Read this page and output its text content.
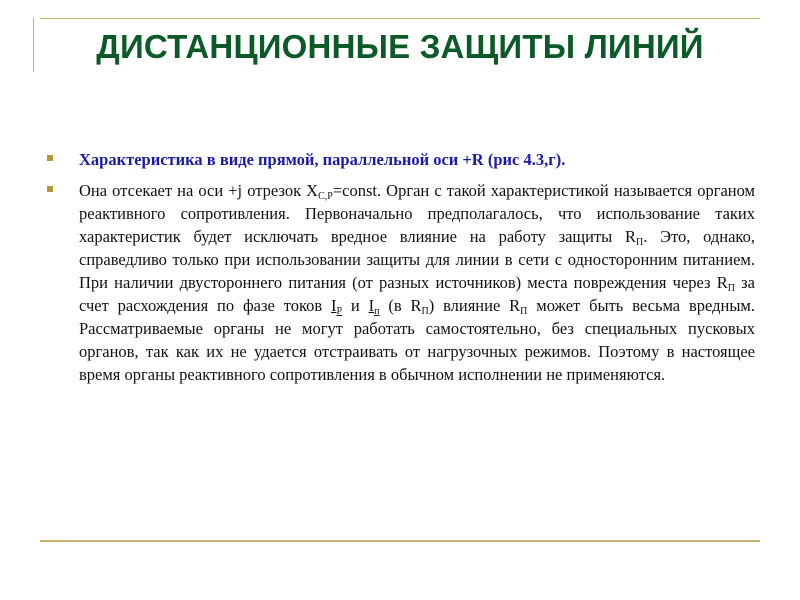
ДИСТАНЦИОННЫЕ ЗАЩИТЫ ЛИНИЙ
Характеристика в виде прямой, параллельной оси +R (рис 4.3,г).
Она отсекает на оси +j отрезок $X_{С,Р}=const$. Орган с такой характеристикой называется органом реактивного сопротивления. Первоначально предполагалось, что использование таких характеристик будет исключать вредное влияние на работу защиты $R_П$. Это, однако, справедливо только при использовании защиты для линии в сети с односторонним питанием. При наличии двустороннего питания (от разных источников) места повреждения через $R_П$ за счет расхождения по фазе токов $I_Р$ и $I_п$ (в $R_П$) влияние $R_П$ может быть весьма вредным. Рассматриваемые органы не могут работать самостоятельно, без специальных пусковых органов, так как их не удается отстраивать от нагрузочных режимов. Поэтому в настоящее время органы реактивного сопротивления в обычном исполнении не применяются.
